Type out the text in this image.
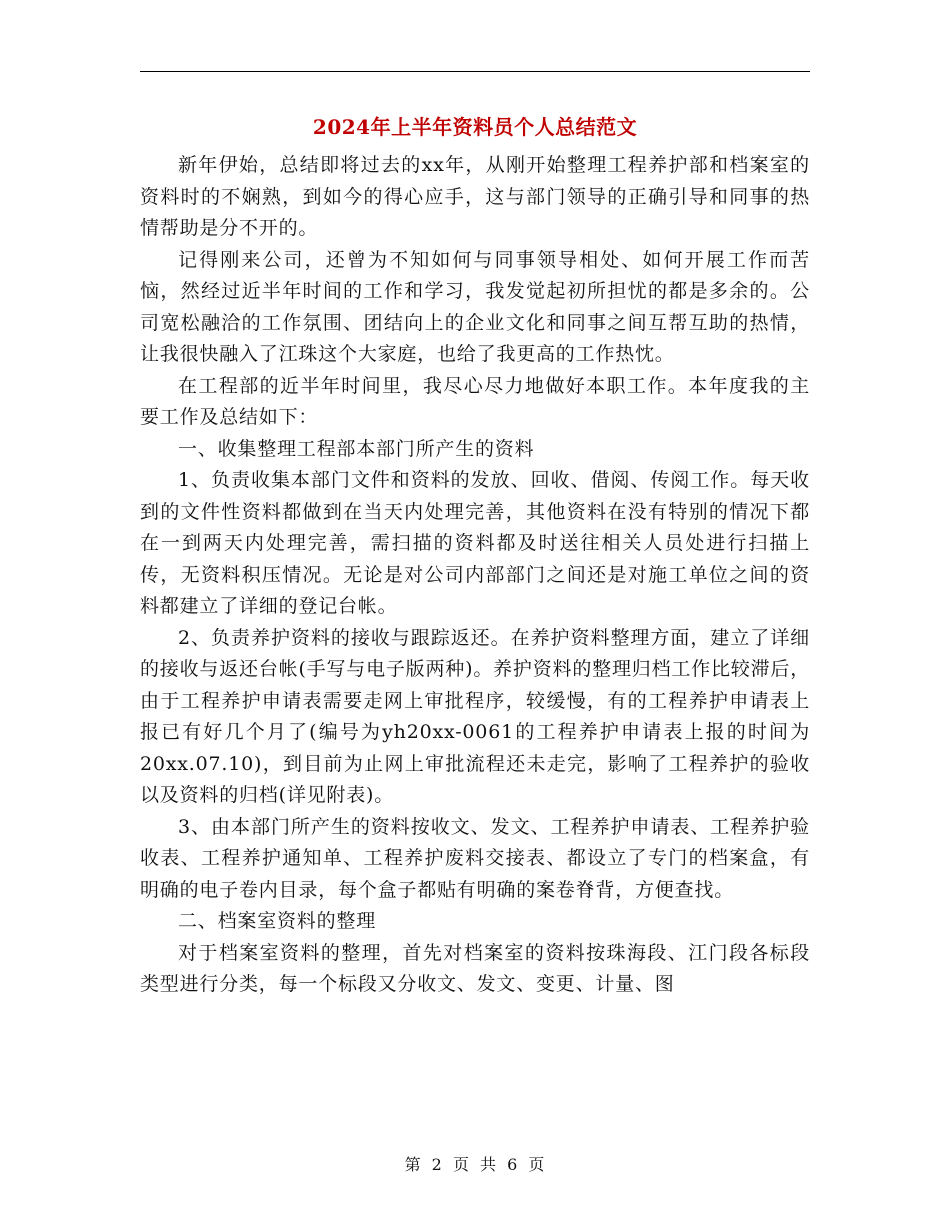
2024年上半年资料员个人总结范文

新年伊始，总结即将过去的xx年，从刚开始整理工程养护部和档案室的资料时的不娴熟，到如今的得心应手，这与部门领导的正确引导和同事的热情帮助是分不开的。

记得刚来公司，还曾为不知如何与同事领导相处、如何开展工作而苦恼，然经过近半年时间的工作和学习，我发觉起初所担忧的都是多余的。公司宽松融洽的工作氛围、团结向上的企业文化和同事之间互帮互助的热情，让我很快融入了江珠这个大家庭，也给了我更高的工作热忱。

在工程部的近半年时间里，我尽心尽力地做好本职工作。本年度我的主要工作及总结如下：

一、收集整理工程部本部门所产生的资料

1、负责收集本部门文件和资料的发放、回收、借阅、传阅工作。每天收到的文件性资料都做到在当天内处理完善，其他资料在没有特别的情况下都在一到两天内处理完善，需扫描的资料都及时送往相关人员处进行扫描上传，无资料积压情况。无论是对公司内部部门之间还是对施工单位之间的资料都建立了详细的登记台帐。

2、负责养护资料的接收与跟踪返还。在养护资料整理方面，建立了详细的接收与返还台帐(手写与电子版两种)。养护资料的整理归档工作比较滞后，由于工程养护申请表需要走网上审批程序，较缓慢，有的工程养护申请表上报已有好几个月了(编号为yh20xx-0061的工程养护申请表上报的时间为20xx.07.10)，到目前为止网上审批流程还未走完，影响了工程养护的验收以及资料的归档(详见附表)。

3、由本部门所产生的资料按收文、发文、工程养护申请表、工程养护验收表、工程养护通知单、工程养护废料交接表、都设立了专门的档案盒，有明确的电子卷内目录，每个盒子都贴有明确的案卷脊背，方便查找。

二、档案室资料的整理

对于档案室资料的整理，首先对档案室的资料按珠海段、江门段各标段类型进行分类，每一个标段又分收文、发文、变更、计量、图

第 2 页 共 6 页
